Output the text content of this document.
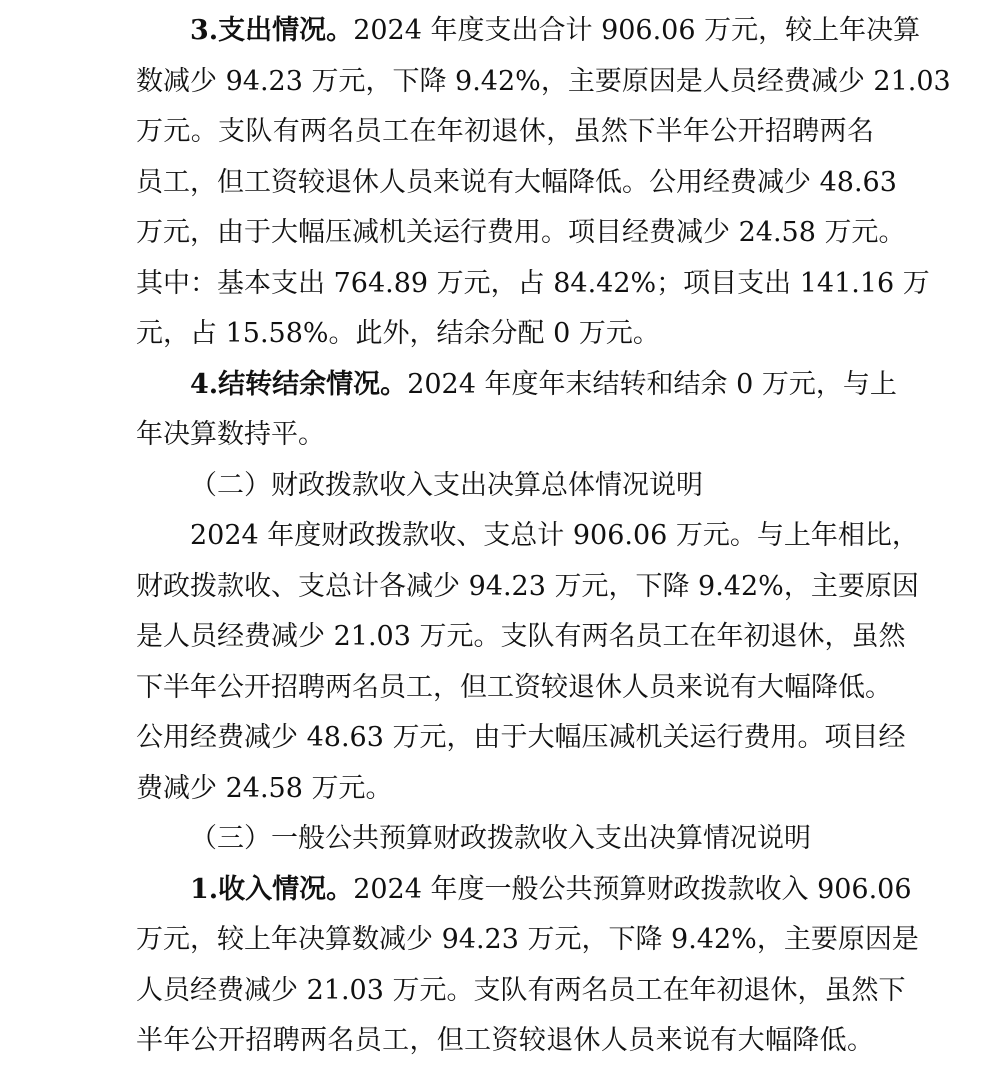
3.支出情况。2024 年度支出合计 906.06 万元，较上年决算
数减少 94.23 万元，下降 9.42%，主要原因是人员经费减少 21.03
万元。支队有两名员工在年初退休，虽然下半年公开招聘两名
员工，但工资较退休人员来说有大幅降低。公用经费减少 48.63
万元，由于大幅压减机关运行费用。项目经费减少 24.58 万元。
其中：基本支出 764.89 万元，占 84.42%；项目支出 141.16 万
元，占 15.58%。此外，结余分配 0 万元。
4.结转结余情况。2024 年度年末结转和结余 0 万元，与上
年决算数持平。
（二）财政拨款收入支出决算总体情况说明
2024 年度财政拨款收、支总计 906.06 万元。与上年相比，
财政拨款收、支总计各减少 94.23 万元，下降 9.42%，主要原因
是人员经费减少 21.03 万元。支队有两名员工在年初退休，虽然
下半年公开招聘两名员工，但工资较退休人员来说有大幅降低。
公用经费减少 48.63 万元，由于大幅压减机关运行费用。项目经
费减少 24.58 万元。
（三）一般公共预算财政拨款收入支出决算情况说明
1.收入情况。2024 年度一般公共预算财政拨款收入 906.06
万元，较上年决算数减少 94.23 万元，下降 9.42%，主要原因是
人员经费减少 21.03 万元。支队有两名员工在年初退休，虽然下
半年公开招聘两名员工，但工资较退休人员来说有大幅降低。
